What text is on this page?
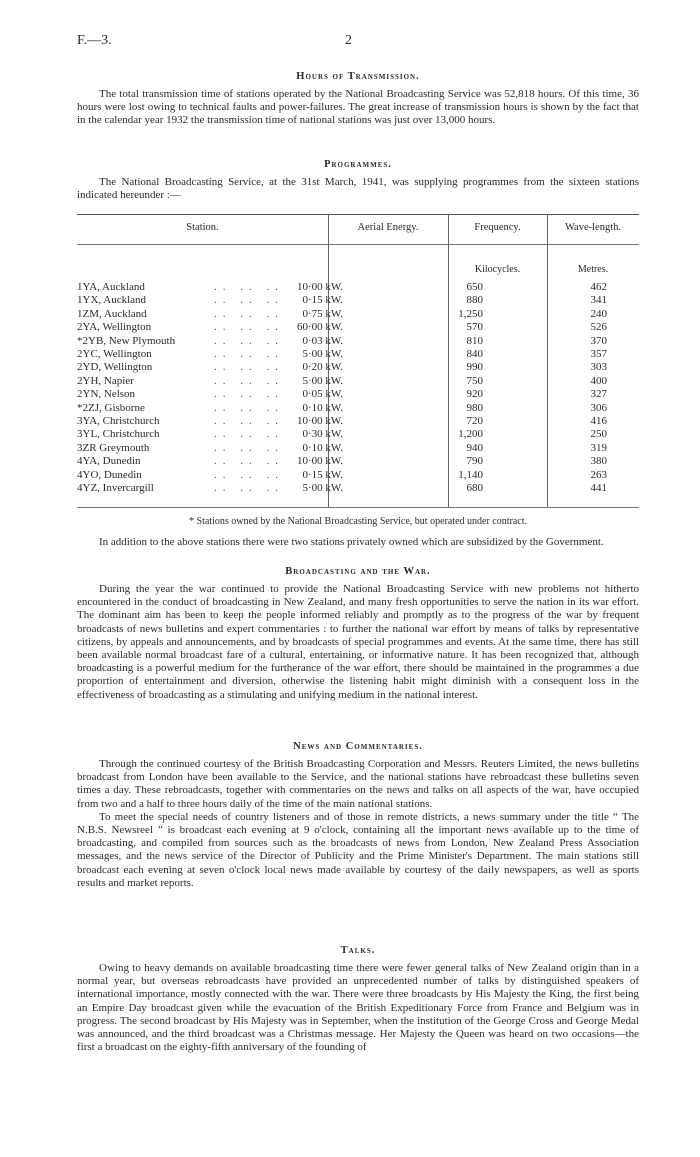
F.—3.	2
Hours of Transmission.

The total transmission time of stations operated by the National Broadcasting Service was 52,818 hours. Of this time, 36 hours were lost owing to technical faults and power-failures. The great increase of transmission hours is shown by the fact that in the calendar year 1932 the transmission time of national stations was just over 13,000 hours.

Programmes.

The National Broadcasting Service, at the 31st March, 1941, was supplying programmes from the sixteen stations indicated hereunder :—

Station.	Aerial Energy.	Frequency.	Wave-length.
Kilocycles.	Metres.
1YA, Auckland	10·00 kW.	650	462
.. .. ..
1YX, Auckland	0·15 kW.	880	341
.. .. ..
1ZM, Auckland	0·75 kW.	1,250	240
.. .. ..
2YA, Wellington	60·00 kW.	570	526
.. .. ..
*2YB, New Plymouth	0·03 kW.	810	370
.. .. ..
2YC, Wellington	5·00 kW.	840	357
.. .. ..
2YD, Wellington	0·20 kW.	990	303
.. .. ..
2YH, Napier	5·00 kW.	750	400
.. .. ..
2YN, Nelson	0·05 kW.	920	327
.. .. ..
*2ZJ, Gisborne	0·10 kW.	980	306
.. .. ..
3YA, Christchurch	10·00 kW.	720	416
.. .. ..
3YL, Christchurch	0·30 kW.	1,200	250
.. .. ..
3ZR Greymouth	0·10 kW.	940	319
.. .. ..
4YA, Dunedin	10·00 kW.	790	380
.. .. ..
4YO, Dunedin	0·15 kW.	1,140	263
.. .. ..
4YZ, Invercargill	5·00 kW.	680	441
.. .. ..
* Stations owned by the National Broadcasting Service, but operated under contract.

In addition to the above stations there were two stations privately owned which are subsidized by the Government.

Broadcasting and the War.

During the year the war continued to provide the National Broadcasting Service with new problems not hitherto encountered in the conduct of broadcasting in New Zealand, and many fresh opportunities to serve the nation in its war effort. The dominant aim has been to keep the people informed reliably and promptly as to the progress of the war by frequent broadcasts of news bulletins and expert commentaries : to further the national war effort by means of talks by representative citizens, by appeals and announcements, and by broadcasts of special programmes and events. At the same time, there has still been available normal broadcast fare of a cultural, entertaining, or informative nature. It has been recognized that, although broadcasting is a powerful medium for the furtherance of the war effort, there should be maintained in the programmes a due proportion of entertainment and diversion, otherwise the listening habit might diminish with a consequent loss in the effectiveness of broadcasting as a stimulating and unifying medium in the national interest.

News and Commentaries.

Through the continued courtesy of the British Broadcasting Corporation and Messrs. Reuters Limited, the news bulletins broadcast from London have been available to the Service, and the national stations have rebroadcast these bulletins seven times a day. These rebroadcasts, together with commentaries on the news and talks on all aspects of the war, have occupied from two and a half to three hours daily of the time of the main national stations.

To meet the special needs of country listeners and of those in remote districts, a news summary under the title “ The N.B.S. Newsreel ” is broadcast each evening at 9 o'clock, containing all the important news available up to the time of broadcasting, and compiled from sources such as the broadcasts of news from London, New Zealand Press Association messages, and the news service of the Director of Publicity and the Prime Minister's Department. The main stations still broadcast each evening at seven o'clock local news made available by courtesy of the daily newspapers, as well as sports results and market reports.

Talks.

Owing to heavy demands on available broadcasting time there were fewer general talks of New Zealand origin than in a normal year, but overseas rebroadcasts have provided an unprecedented number of talks by distinguished speakers of international importance, mostly connected with the war. There were three broadcasts by His Majesty the King, the first being an Empire Day broadcast given while the evacuation of the British Expeditionary Force from France and Belgium was in progress. The second broadcast by His Majesty was in September, when the institution of the George Cross and George Medal was announced, and the third broadcast was a Christmas message. Her Majesty the Queen was heard on two occasions—the first a broadcast on the eighty-fifth anniversary of the founding of
